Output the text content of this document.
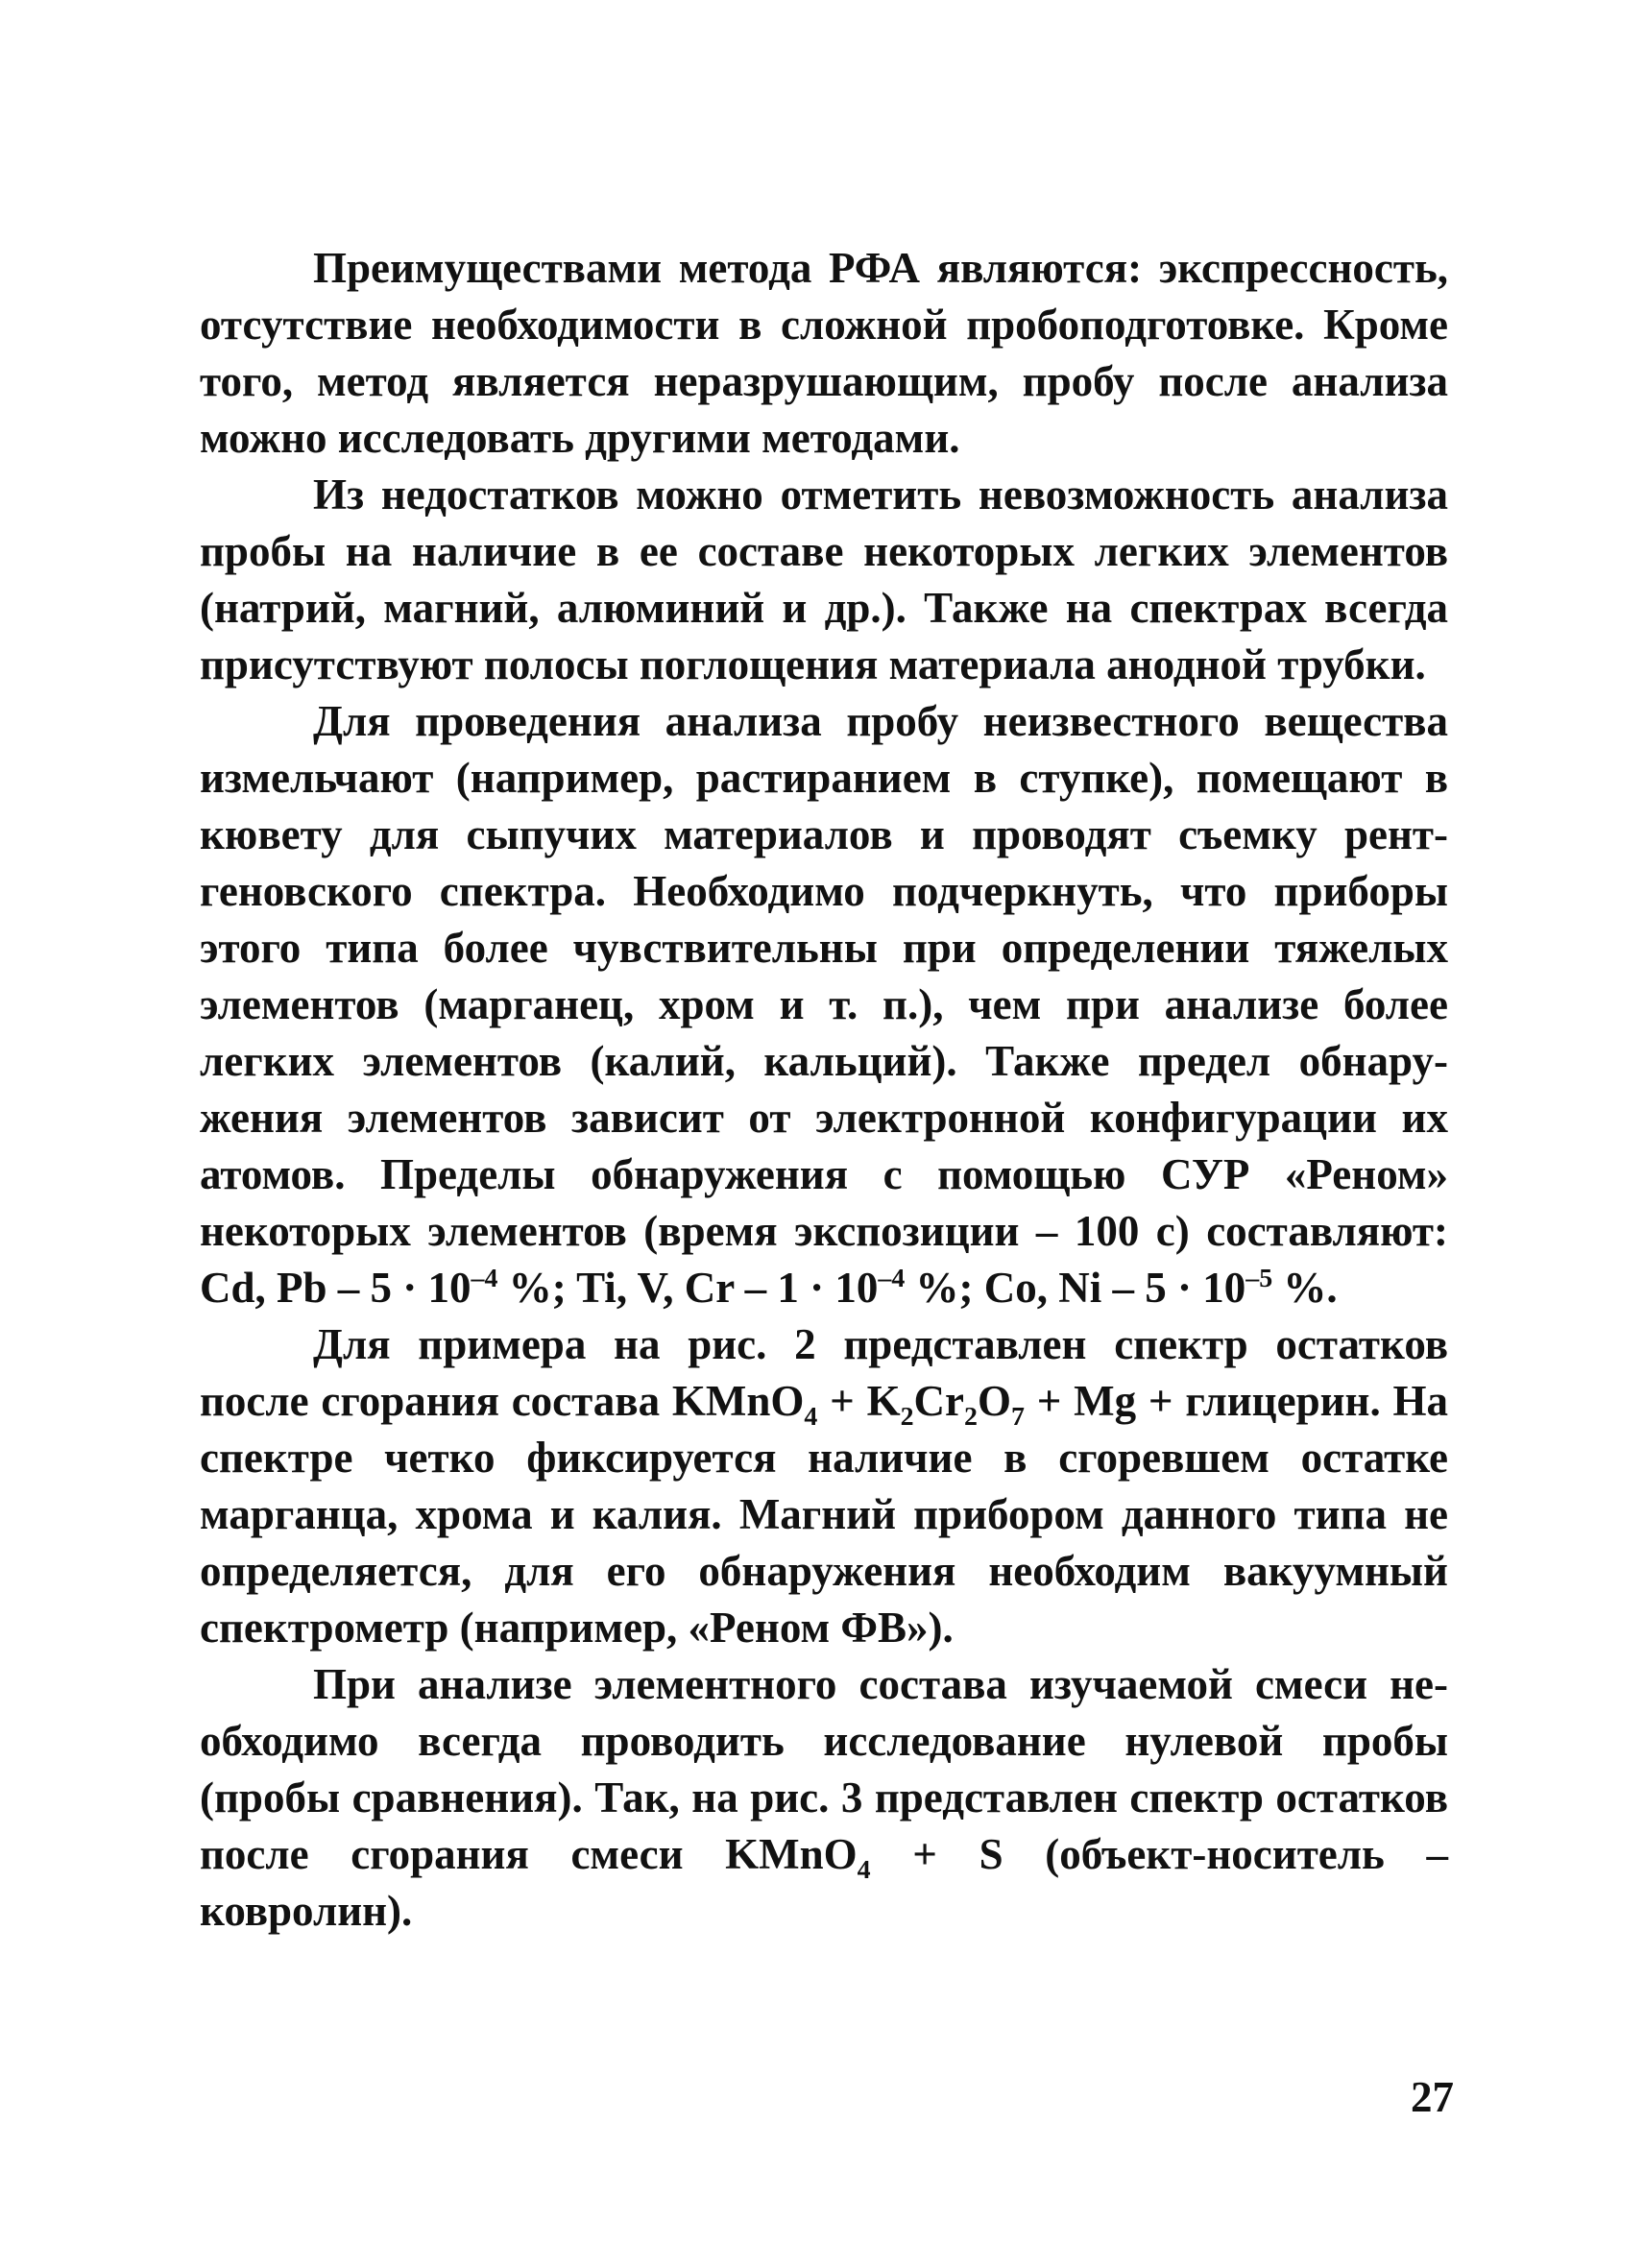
Преимуществами метода РФА являются: экспрессность, отсутствие необходимости в сложной пробоподготовке. Кроме того, метод является неразрушающим, пробу после анализа можно исследовать другими методами.

Из недостатков можно отметить невозможность анализа пробы на наличие в ее составе некоторых легких элементов (натрий, магний, алюминий и др.). Также на спектрах всегда присутствуют полосы поглощения материала анодной трубки.

Для проведения анализа пробу неизвестного вещества измельчают (например, растиранием в ступке), помещают в кювету для сыпучих материалов и проводят съемку рентгеновского спектра. Необходимо подчеркнуть, что приборы этого типа более чувствительны при определении тяжелых элементов (марганец, хром и т. п.), чем при анализе более легких элементов (калий, кальций). Также предел обнаружения элементов зависит от электронной конфигурации их атомов. Пределы обнаружения с помощью СУР «Реном» некоторых элементов (время экспозиции – 100 с) составляют: Cd, $Pb - 5 \cdot 10^{-4}$ %; Ti, V, $Cr - 1 \cdot 10^{-4}$ %; Co, $Ni - 5 \cdot 10^{-5}$ %.

Для примера на рис. 2 представлен спектр остатков после сгорания состава KMnO$_4$ + $K_2Cr_2O_7 + Mg$ + глицерин. На спектре четко фиксируется наличие в сгоревшем остатке марганца, хрома и калия. Магний прибором данного типа не определяется, для его обнаружения необходим вакуумный спектрометр (например, «Реном ФВ»).

При анализе элементного состава изучаемой смеси необходимо всегда проводить исследование нулевой пробы (пробы сравнения). Так, на рис. 3 представлен спектр остатков после сгорания смеси KMnO$_4$ + S (объект-носитель – ковролин).

27
